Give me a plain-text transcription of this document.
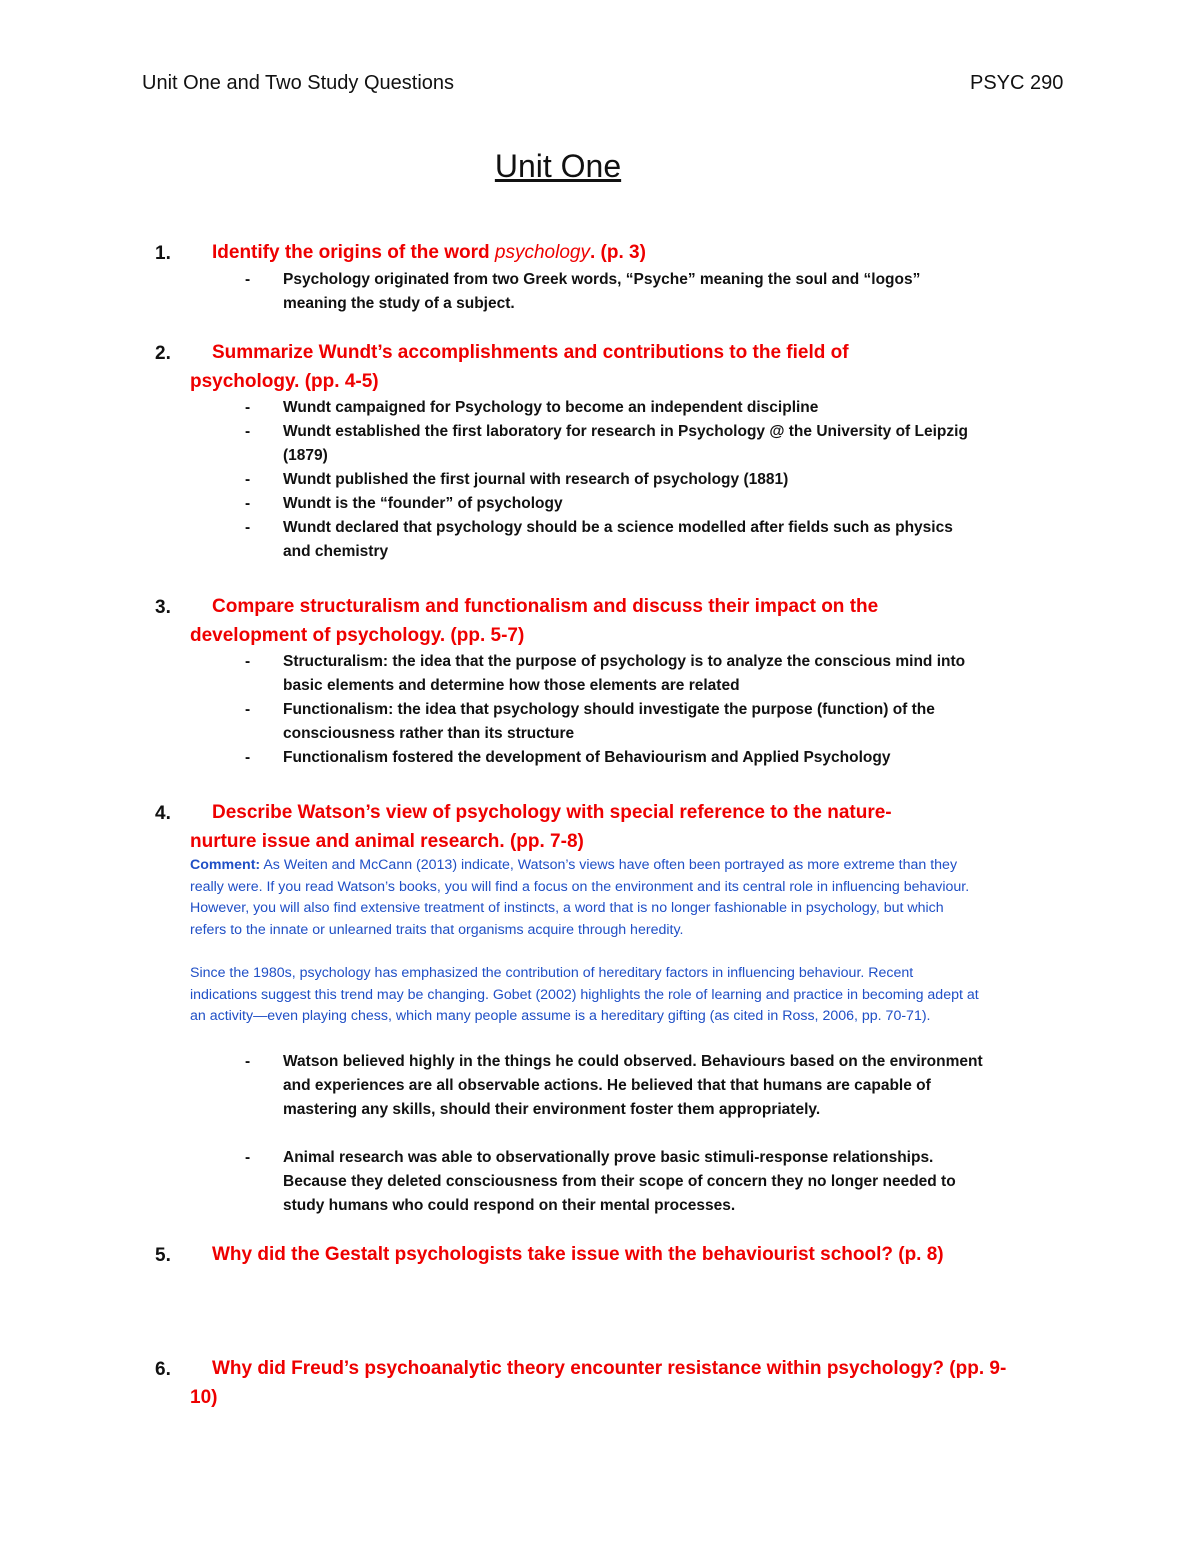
Unit One and Two Study Questions	PSYC 290
Unit One
1.	Identify the origins of the word psychology. (p. 3)
- Psychology originated from two Greek words, “Psyche” meaning the soul and “logos” meaning the study of a subject.
2.	Summarize Wundt’s accomplishments and contributions to the field of psychology. (pp. 4-5)
- Wundt campaigned for Psychology to become an independent discipline
- Wundt established the first laboratory for research in Psychology @ the University of Leipzig (1879)
- Wundt published the first journal with research of psychology (1881)
- Wundt is the “founder” of psychology
- Wundt declared that psychology should be a science modelled after fields such as physics and chemistry
3.	Compare structuralism and functionalism and discuss their impact on the development of psychology. (pp. 5-7)
- Structuralism: the idea that the purpose of psychology is to analyze the conscious mind into basic elements and determine how those elements are related
- Functionalism: the idea that psychology should investigate the purpose (function) of the consciousness rather than its structure
- Functionalism fostered the development of Behaviourism and Applied Psychology
4.	Describe Watson’s view of psychology with special reference to the nature-nurture issue and animal research. (pp. 7-8)
Comment: As Weiten and McCann (2013) indicate, Watson’s views have often been portrayed as more extreme than they really were. If you read Watson’s books, you will find a focus on the environment and its central role in influencing behaviour. However, you will also find extensive treatment of instincts, a word that is no longer fashionable in psychology, but which refers to the innate or unlearned traits that organisms acquire through heredity.
Since the 1980s, psychology has emphasized the contribution of hereditary factors in influencing behaviour. Recent indications suggest this trend may be changing. Gobet (2002) highlights the role of learning and practice in becoming adept at an activity—even playing chess, which many people assume is a hereditary gifting (as cited in Ross, 2006, pp. 70-71).
- Watson believed highly in the things he could observed. Behaviours based on the environment and experiences are all observable actions. He believed that that humans are capable of mastering any skills, should their environment foster them appropriately.
- Animal research was able to observationally prove basic stimuli-response relationships. Because they deleted consciousness from their scope of concern they no longer needed to study humans who could respond on their mental processes.
5.	Why did the Gestalt psychologists take issue with the behaviourist school? (p. 8)
6.	Why did Freud’s psychoanalytic theory encounter resistance within psychology? (pp. 9-10)
